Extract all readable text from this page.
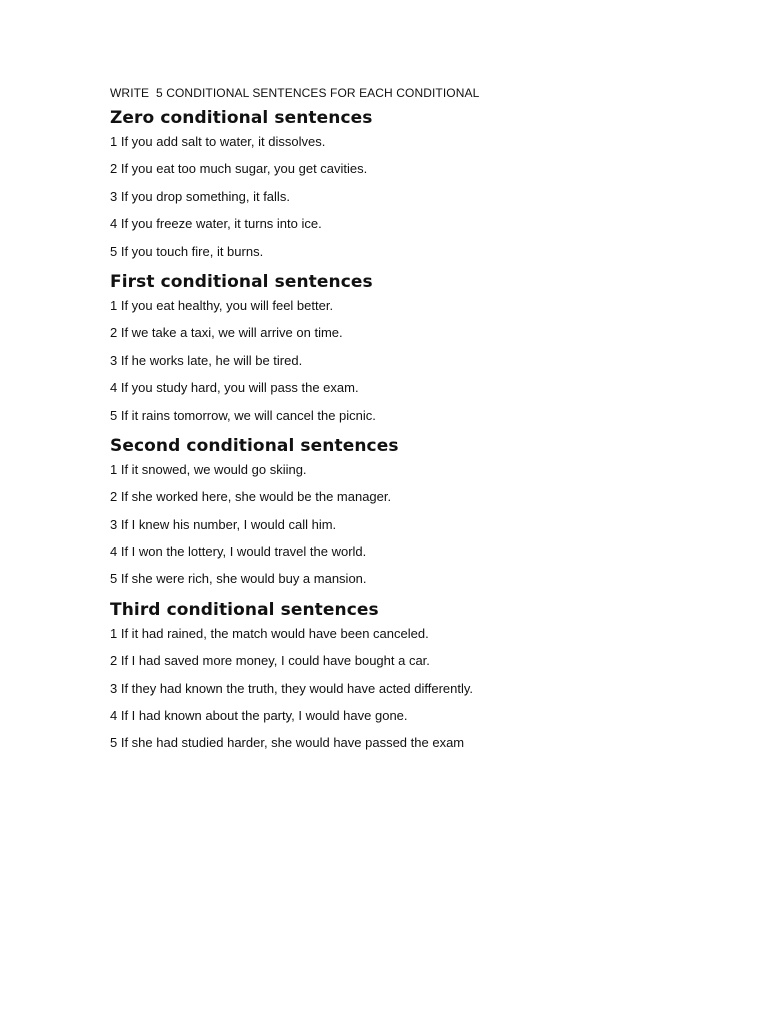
WRITE  5 CONDITIONAL SENTENCES FOR EACH CONDITIONAL
Zero conditional sentences
1 If you add salt to water, it dissolves.
2 If you eat too much sugar, you get cavities.
3 If you drop something, it falls.
4 If you freeze water, it turns into ice.
5 If you touch fire, it burns.
First conditional sentences
1 If you eat healthy, you will feel better.
2 If we take a taxi, we will arrive on time.
3 If he works late, he will be tired.
4 If you study hard, you will pass the exam.
5 If it rains tomorrow, we will cancel the picnic.
Second conditional sentences
1 If it snowed, we would go skiing.
2 If she worked here, she would be the manager.
3 If I knew his number, I would call him.
4 If I won the lottery, I would travel the world.
5 If she were rich, she would buy a mansion.
Third conditional sentences
1 If it had rained, the match would have been canceled.
2 If I had saved more money, I could have bought a car.
3 If they had known the truth, they would have acted differently.
4 If I had known about the party, I would have gone.
5 If she had studied harder, she would have passed the exam
